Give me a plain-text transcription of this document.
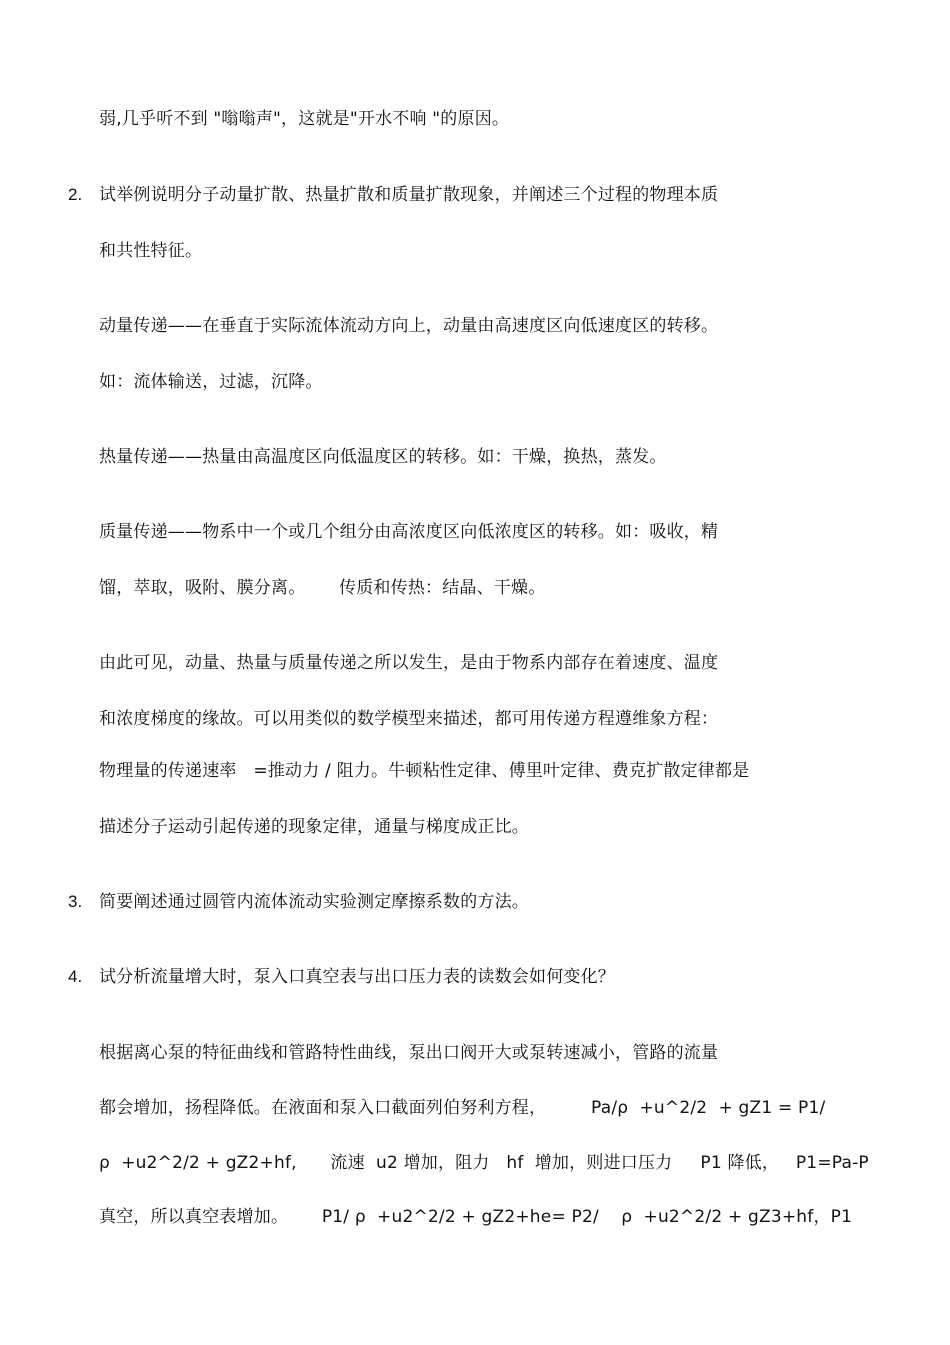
弱,几乎听不到 "嗡嗡声"，这就是"开水不响 "的原因。
2. 试举例说明分子动量扩散、热量扩散和质量扩散现象，并阐述三个过程的物理本质
和共性特征。
动量传递——在垂直于实际流体流动方向上，动量由高速度区向低速度区的转移。
如：流体输送，过滤，沉降。
热量传递——热量由高温度区向低温度区的转移。如：干燥，换热，蒸发。
质量传递——物系中一个或几个组分由高浓度区向低浓度区的转移。如：吸收，精
馏，萃取，吸附、膜分离。      传质和传热：结晶、干燥。
由此可见，动量、热量与质量传递之所以发生，是由于物系内部存在着速度、温度
和浓度梯度的缘故。可以用类似的数学模型来描述，都可用传递方程遵维象方程：
物理量的传递速率   =推动力 / 阻力。牛顿粘性定律、傅里叶定律、费克扩散定律都是
描述分子运动引起传递的现象定律，通量与梯度成正比。
3. 简要阐述通过圆管内流体流动实验测定摩擦系数的方法。
4. 试分析流量增大时，泵入口真空表与出口压力表的读数会如何变化？
根据离心泵的特征曲线和管路特性曲线，泵出口阀开大或泵转速减小，管路的流量
都会增加，扬程降低。在液面和泵入口截面列伯努利方程，        Pa/ρ  +u^2/2  + gZ1 = P1/
ρ  +u2^2/2 + gZ2+hf,      流速  u2 增加，阻力   hf  增加，则进口压力     P1 降低，   P1=Pa-P
真空，所以真空表增加。      P1/ ρ  +u2^2/2 + gZ2+he= P2/    ρ  +u2^2/2 + gZ3+hf，P1
